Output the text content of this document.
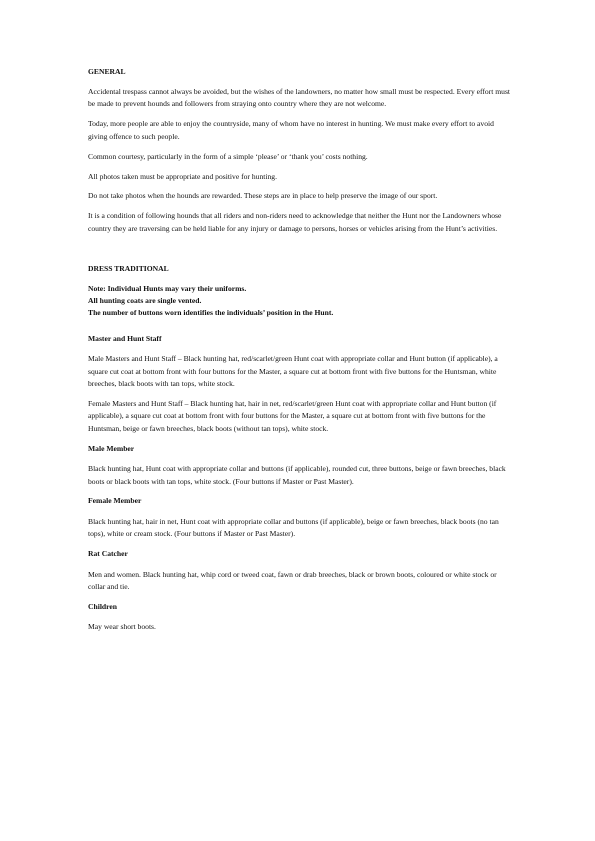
GENERAL

Accidental trespass cannot always be avoided, but the wishes of the landowners, no matter how small must be respected. Every effort must be made to prevent hounds and followers from straying onto country where they are not welcome.

Today, more people are able to enjoy the countryside, many of whom have no interest in hunting. We must make every effort to avoid giving offence to such people.

Common courtesy, particularly in the form of a simple ‘please’ or ‘thank you’ costs nothing.

All photos taken must be appropriate and positive for hunting.

Do not take photos when the hounds are rewarded. These steps are in place to help preserve the image of our sport.

It is a condition of following hounds that all riders and non-riders need to acknowledge that neither the Hunt nor the Landowners whose country they are traversing can be held liable for any injury or damage to persons, horses or vehicles arising from the Hunt’s activities.

DRESS TRADITIONAL
Note: Individual Hunts may vary their uniforms.
All hunting coats are single vented.
The number of buttons worn identifies the individuals’ position in the Hunt.
Master and Hunt Staff

Male Masters and Hunt Staff – Black hunting hat, red/scarlet/green Hunt coat with appropriate collar and Hunt button (if applicable), a square cut coat at bottom front with four buttons for the Master, a square cut at bottom front with five buttons for the Huntsman, white breeches, black boots with tan tops, white stock.

Female Masters and Hunt Staff – Black hunting hat, hair in net, red/scarlet/green Hunt coat with appropriate collar and Hunt button (if applicable), a square cut coat at bottom front with four buttons for the Master, a square cut at bottom front with five buttons for the Huntsman, beige or fawn breeches, black boots (without tan tops), white stock.

Male Member

Black hunting hat, Hunt coat with appropriate collar and buttons (if applicable), rounded cut, three buttons, beige or fawn breeches, black boots or black boots with tan tops, white stock. (Four buttons if Master or Past Master).

Female Member

Black hunting hat, hair in net, Hunt coat with appropriate collar and buttons (if applicable), beige or fawn breeches, black boots (no tan tops), white or cream stock. (Four buttons if Master or Past Master).

Rat Catcher

Men and women. Black hunting hat, whip cord or tweed coat, fawn or drab breeches, black or brown boots, coloured or white stock or collar and tie.

Children

May wear short boots.
